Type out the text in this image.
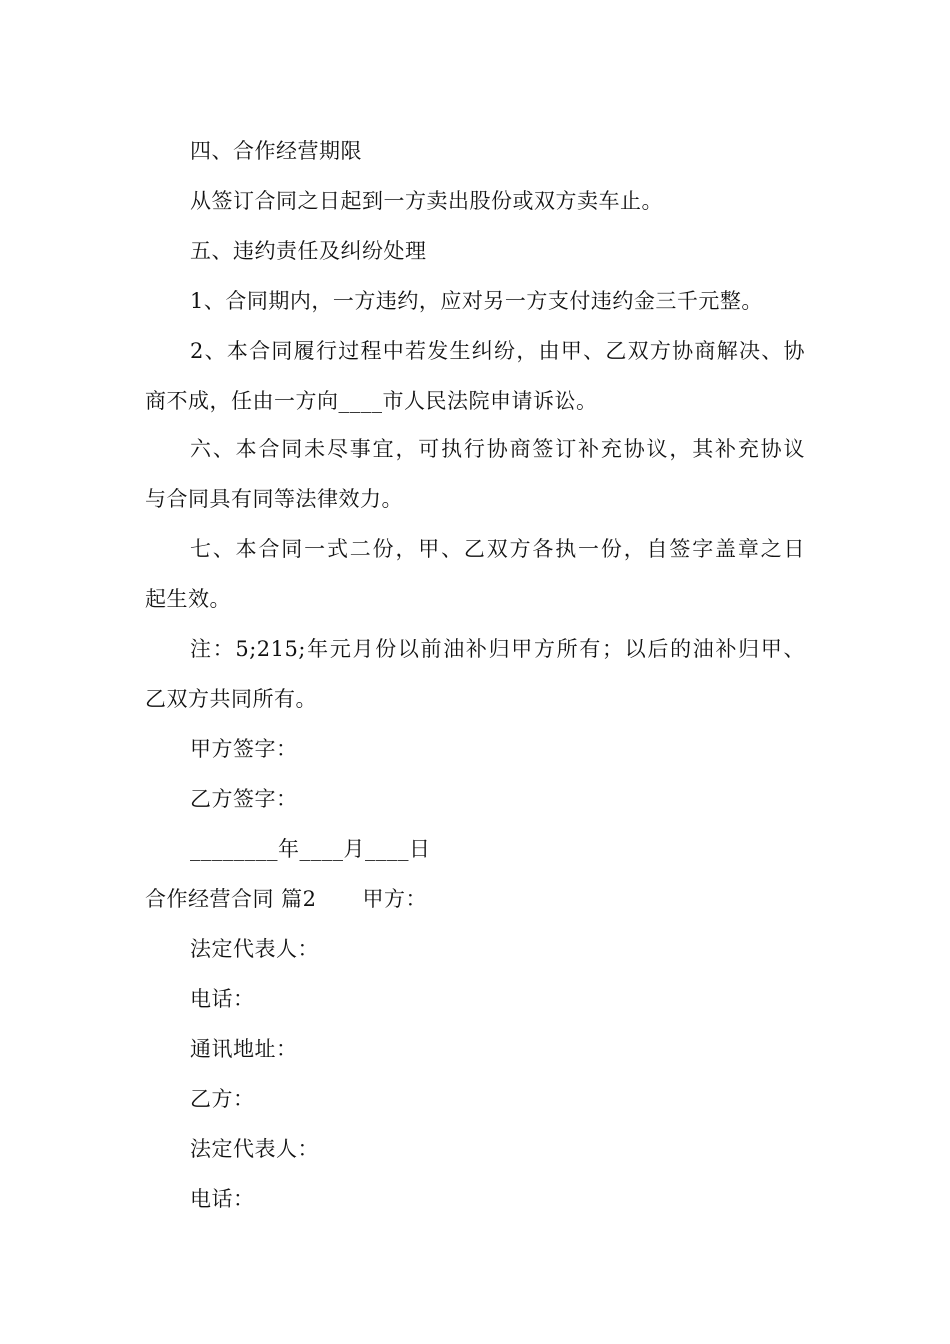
四、合作经营期限
从签订合同之日起到一方卖出股份或双方卖车止。
五、违约责任及纠纷处理
1、合同期内，一方违约，应对另一方支付违约金三千元整。
2、本合同履行过程中若发生纠纷，由甲、乙双方协商解决、协
商不成，任由一方向____市人民法院申请诉讼。
六、本合同未尽事宜，可执行协商签订补充协议，其补充协议
与合同具有同等法律效力。
七、本合同一式二份，甲、乙双方各执一份，自签字盖章之日
起生效。
注：5;215;年元月份以前油补归甲方所有；以后的油补归甲、
乙双方共同所有。
甲方签字：
乙方签字：
________年____月____日
合作经营合同 篇2 甲方：
法定代表人：
电话：
通讯地址：
乙方：
法定代表人：
电话：
